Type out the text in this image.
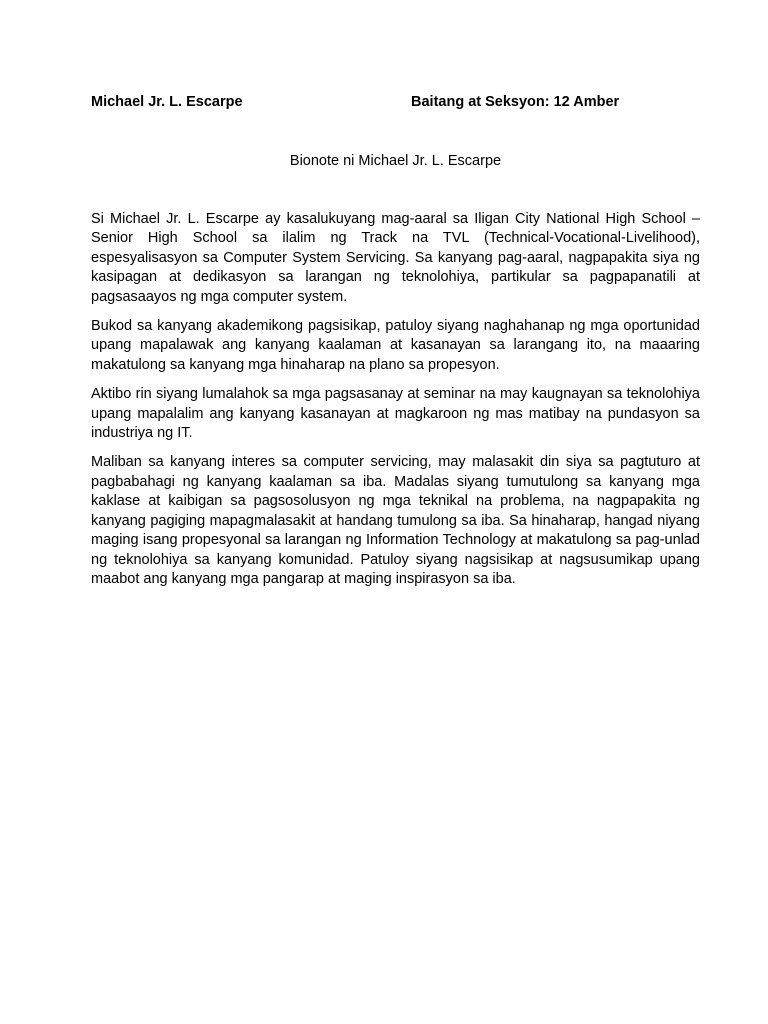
Michael Jr. L. Escarpe	Baitang at Seksyon: 12 Amber
Bionote ni Michael Jr. L. Escarpe

Si Michael Jr. L. Escarpe ay kasalukuyang mag-aaral sa Iligan City National High School – Senior High School sa ilalim ng Track na TVL (Technical-Vocational-Livelihood), espesyalisasyon sa Computer System Servicing. Sa kanyang pag-aaral, nagpapakita siya ng kasipagan at dedikasyon sa larangan ng teknolohiya, partikular sa pagpapanatili at pagsasaayos ng mga computer system.

Bukod sa kanyang akademikong pagsisikap, patuloy siyang naghahanap ng mga oportunidad upang mapalawak ang kanyang kaalaman at kasanayan sa larangang ito, na maaaring makatulong sa kanyang mga hinaharap na plano sa propesyon.

Aktibo rin siyang lumalahok sa mga pagsasanay at seminar na may kaugnayan sa teknolohiya upang mapalalim ang kanyang kasanayan at magkaroon ng mas matibay na pundasyon sa industriya ng IT.

Maliban sa kanyang interes sa computer servicing, may malasakit din siya sa pagtuturo at pagbabahagi ng kanyang kaalaman sa iba. Madalas siyang tumutulong sa kanyang mga kaklase at kaibigan sa pagsosolusyon ng mga teknikal na problema, na nagpapakita ng kanyang pagiging mapagmalasakit at handang tumulong sa iba. Sa hinaharap, hangad niyang maging isang propesyonal sa larangan ng Information Technology at makatulong sa pag-unlad ng teknolohiya sa kanyang komunidad. Patuloy siyang nagsisikap at nagsusumikap upang maabot ang kanyang mga pangarap at maging inspirasyon sa iba.
